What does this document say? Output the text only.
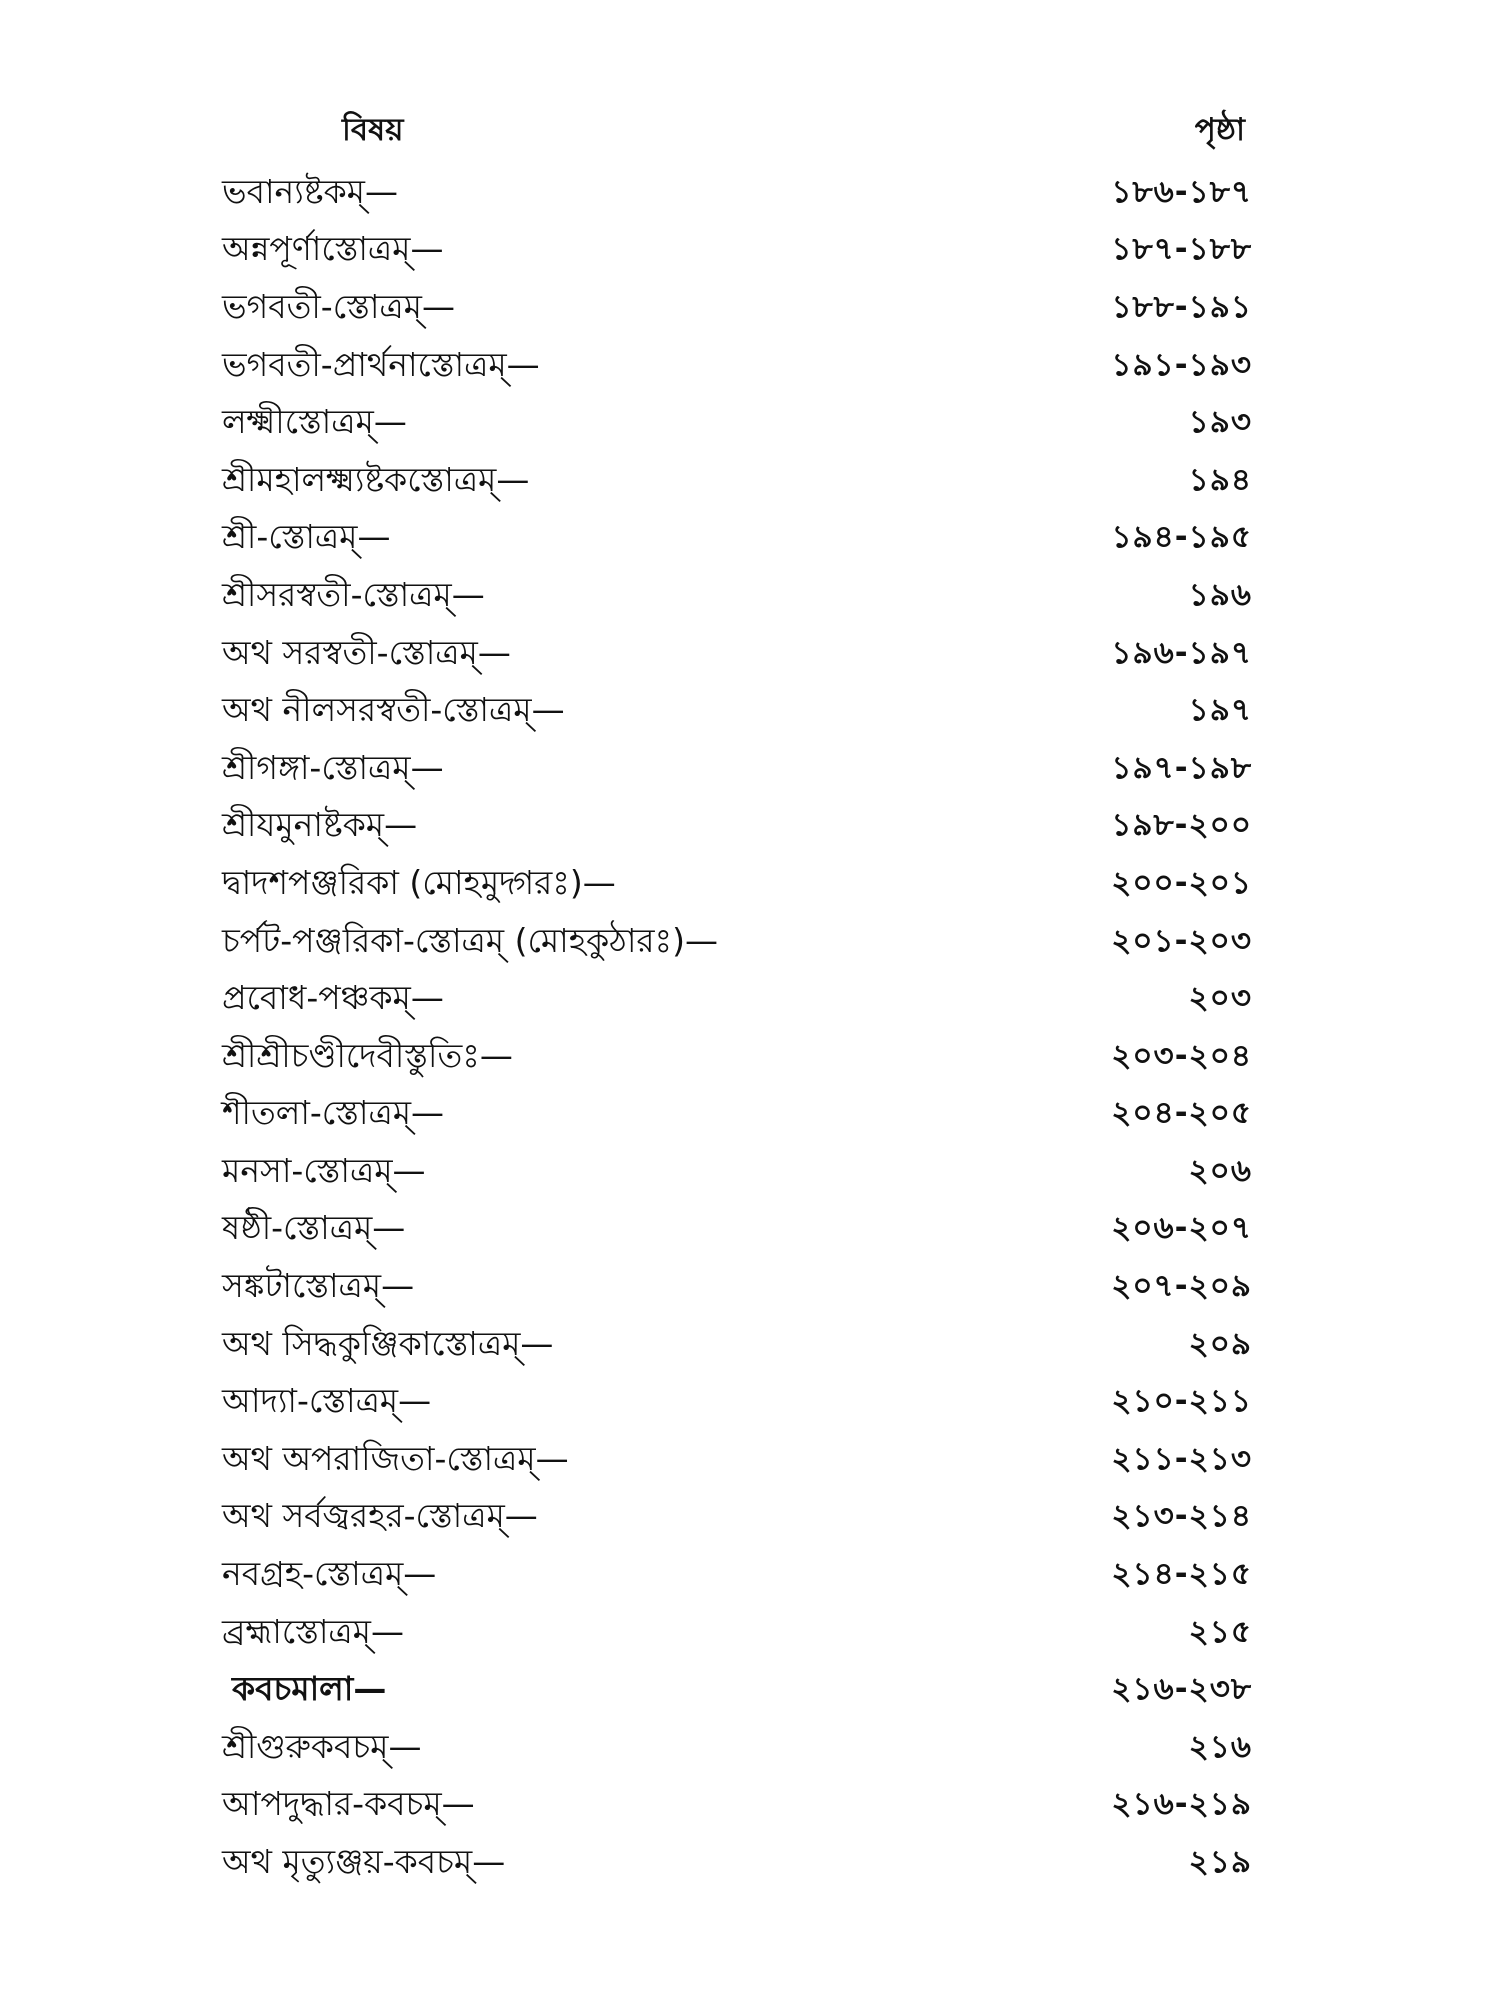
বিষয়	পৃষ্ঠা
ভবান্যষ্টকম্—	১৮৬-১৮৭
অন্নপূর্ণাস্তোত্রম্—	১৮৭-১৮৮
ভগবতী-স্তোত্রম্—	১৮৮-১৯১
ভগবতী-প্রার্থনাস্তোত্রম্—	১৯১-১৯৩
লক্ষ্মীস্তোত্রম্—	১৯৩
শ্রীমহালক্ষ্ম্যষ্টকস্তোত্রম্—	১৯৪
শ্রী-স্তোত্রম্—	১৯৪-১৯৫
শ্রীসরস্বতী-স্তোত্রম্—	১৯৬
অথ সরস্বতী-স্তোত্রম্—	১৯৬-১৯৭
অথ নীলসরস্বতী-স্তোত্রম্—	১৯৭
শ্রীগঙ্গা-স্তোত্রম্—	১৯৭-১৯৮
শ্রীযমুনাষ্টকম্—	১৯৮-২০০
দ্বাদশপঞ্জরিকা (মোহমুদ্গরঃ)—	২০০-২০১
চর্পট-পঞ্জরিকা-স্তোত্রম্ (মোহকুঠারঃ)—	২০১-২০৩
প্রবোধ-পঞ্চকম্—	২০৩
শ্রীশ্রীচণ্ডীদেবীস্তুতিঃ—	২০৩-২০৪
শীতলা-স্তোত্রম্—	২০৪-২০৫
মনসা-স্তোত্রম্—	২০৬
ষষ্ঠী-স্তোত্রম্—	২০৬-২০৭
সঙ্কটাস্তোত্রম্—	২০৭-২০৯
অথ সিদ্ধকুঞ্জিকাস্তোত্রম্—	২০৯
আদ্যা-স্তোত্রম্—	২১০-২১১
অথ অপরাজিতা-স্তোত্রম্—	২১১-২১৩
অথ সর্বজ্বরহর-স্তোত্রম্—	২১৩-২১৪
নবগ্রহ-স্তোত্রম্—	২১৪-২১৫
ব্রহ্মাস্তোত্রম্—	২১৫
কবচমালা—	২১৬-২৩৮
শ্রীগুরুকবচম্—	২১৬
আপদুদ্ধার-কবচম্—	২১৬-২১৯
অথ মৃত্যুঞ্জয়-কবচম্—	২১৯
